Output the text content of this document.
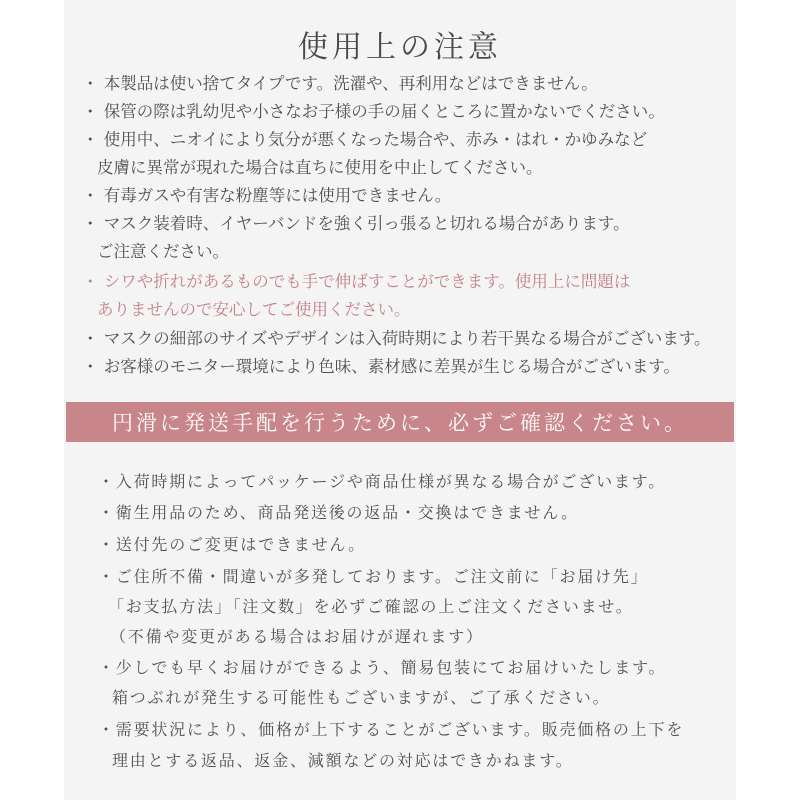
使用上の注意
・ 本製品は使い捨てタイプです。洗濯や、再利用などはできません。
・ 保管の際は乳幼児や小さなお子様の手の届くところに置かないでください。
・ 使用中、ニオイにより気分が悪くなった場合や、赤み・はれ・かゆみなど
皮膚に異常が現れた場合は直ちに使用を中止してください。
・ 有毒ガスや有害な粉塵等には使用できません。
・ マスク装着時、イヤーバンドを強く引っ張ると切れる場合があります。
ご注意ください。
・ シワや折れがあるものでも手で伸ばすことができます。使用上に問題は
ありませんので安心してご使用ください。
・ マスクの細部のサイズやデザインは入荷時期により若干異なる場合がございます。
・ お客様のモニター環境により色味、素材感に差異が生じる場合がございます。
円滑に発送手配を行うために、必ずご確認ください。
・入荷時期によってパッケージや商品仕様が異なる場合がございます。
・衛生用品のため、商品発送後の返品・交換はできません。
・送付先のご変更はできません。
・ご住所不備・間違いが多発しております。ご注文前に「お届け先」
「お支払方法」「注文数」を必ずご確認の上ご注文くださいませ。
（不備や変更がある場合はお届けが遅れます）
・少しでも早くお届けができるよう、簡易包装にてお届けいたします。
箱つぶれが発生する可能性もございますが、ご了承ください。
・需要状況により、価格が上下することがございます。販売価格の上下を
理由とする返品、返金、減額などの対応はできかねます。
